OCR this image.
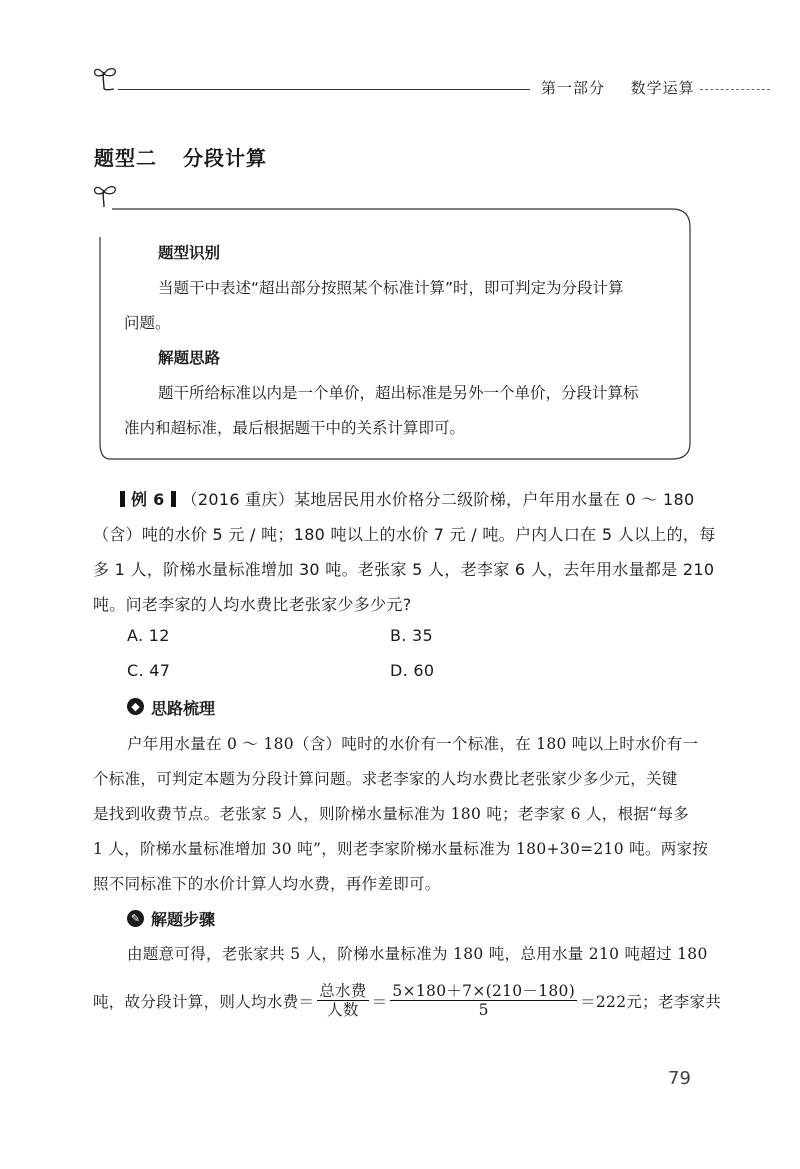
第一部分 数学运算
题型二 分段计算
题型识别
当题干中表述“超出部分按照某个标准计算”时，即可判定为分段计算
问题。
解题思路
题干所给标准以内是一个单价，超出标准是另外一个单价，分段计算标
准内和超标准，最后根据题干中的关系计算即可。
例 6 （2016 重庆）某地居民用水价格分二级阶梯，户年用水量在 0 ～ 180
（含）吨的水价 5 元 / 吨；180 吨以上的水价 7 元 / 吨。户内人口在 5 人以上的，每
多 1 人，阶梯水量标准增加 30 吨。老张家 5 人，老李家 6 人，去年用水量都是 210
吨。问老李家的人均水费比老张家少多少元?
A. 12	B. 35
C. 47	D. 60
◆ 思路梳理
户年用水量在 0 ～ 180（含）吨时的水价有一个标准，在 180 吨以上时水价有一
个标准，可判定本题为分段计算问题。求老李家的人均水费比老张家少多少元，关键
是找到收费节点。老张家 5 人，则阶梯水量标准为 180 吨；老李家 6 人，根据“每多
1 人，阶梯水量标准增加 30 吨”，则老李家阶梯水量标准为 180+30=210 吨。两家按
照不同标准下的水价计算人均水费，再作差即可。
✎ 解题步骤
由题意可得，老张家共 5 人，阶梯水量标准为 180 吨，总用水量 210 吨超过 180
吨，故分段计算，则人均水费＝ $\frac{\text{总水费}}{\text{人数}} = \frac{5\times 180+7\times(210-180)}{5} =222$元；老李家共
79
